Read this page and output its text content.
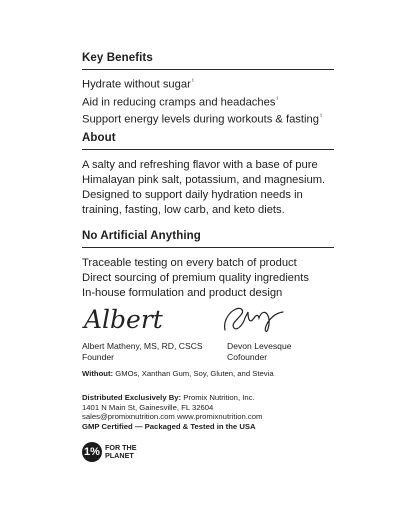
Key Benefits
Hydrate without sugar$^{^1}$
Aid in reducing cramps and headaches$^{^1}$
Support energy levels during workouts & fasting$^{^1}$
About
A salty and refreshing flavor with a base of pure
Himalayan pink salt, potassium, and magnesium.
Designed to support daily hydration needs in
training, fasting, low carb, and keto diets.
No Artificial Anything
Traceable testing on every batch of product
Direct sourcing of premium quality ingredients
In-house formulation and product design
Albert
Albert Matheny, MS, RD, CSCS
Founder
Devon Levesque
Cofounder
Without: GMOs, Xanthan Gum, Soy, Gluten, and Stevia
Distributed Exclusively By: Promix Nutrition, Inc.
1401 N Main St, Gainesville, FL 32604
sales@promixnutrition.com www.promixnutrition.com
GMP Certified — Packaged & Tested in the USA
1% FOR THE
PLANET
